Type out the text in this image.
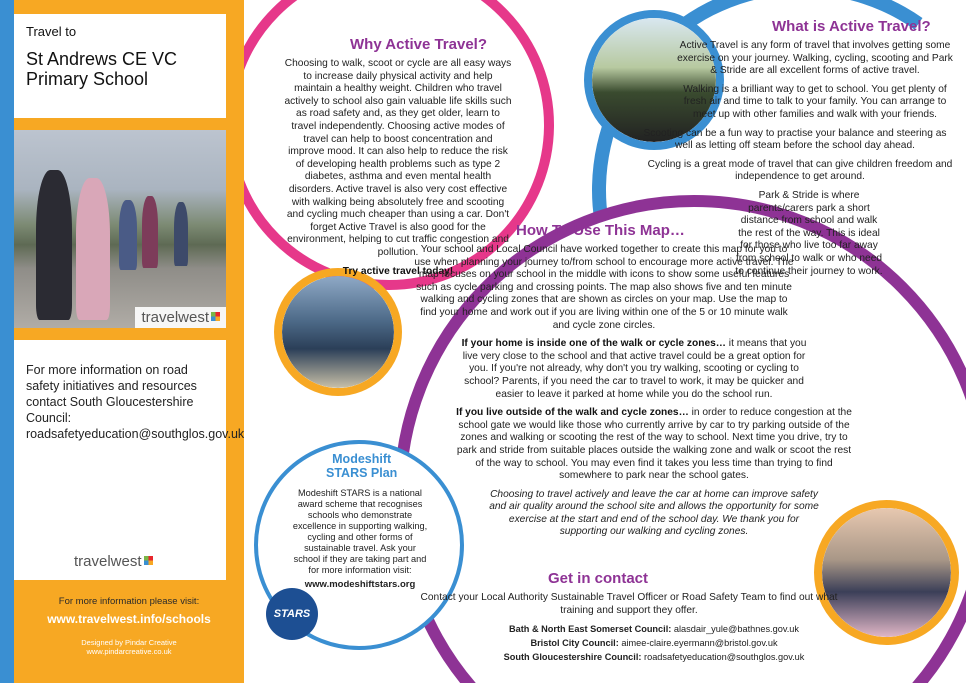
Travel to
St Andrews CE VC Primary School
travelwest

For more information on road safety initiatives and resources contact South Gloucestershire Council: roadsafetyeducation@southglos.gov.uk

travelwest
For more information please visit:
www.travelwest.info/schools
Designed by Pindar Creative
www.pindarcreative.co.uk
Why Active Travel?

Choosing to walk, scoot or cycle are all easy ways to increase daily physical activity and help maintain a healthy weight. Children who travel actively to school also gain valuable life skills such as road safety and, as they get older, learn to travel independently. Choosing active modes of travel can help to boost concentration and improve mood. It can also help to reduce the risk of developing health problems such as type 2 diabetes, asthma and even mental health disorders. Active travel is also very cost effective with walking being absolutely free and scooting and cycling much cheaper than using a car. Don't forget Active Travel is also good for the environment, helping to cut traffic congestion and pollution.

Try active travel today!

What is Active Travel?

Active Travel is any form of travel that involves getting some exercise on your journey. Walking, cycling, scooting and Park & Stride are all excellent forms of active travel.

Walking is a brilliant way to get to school. You get plenty of fresh air and time to talk to your family. You can arrange to meet up with other families and walk with your friends.

Scooting can be a fun way to practise your balance and steering as well as letting off steam before the school day ahead.

Cycling is a great mode of travel that can give children freedom and independence to get around.

Park & Stride is where parents/carers park a short distance from school and walk the rest of the way. This is ideal for those who live too far away from school to walk or who need to continue their journey to work.

How To Use This Map…

Your school and Local Council have worked together to create this map for you to use when planning your journey to/from school to encourage more active travel. The map focuses on your school in the middle with icons to show some useful features such as cycle parking and crossing points. The map also shows five and ten minute walking and cycling zones that are shown as circles on your map. Use the map to find your home and work out if you are living within one of the 5 or 10 minute walk and cycle zone circles.

If your home is inside one of the walk or cycle zones… it means that you live very close to the school and that active travel could be a great option for you. If you're not already, why don't you try walking, scooting or cycling to school? Parents, if you need the car to travel to work, it may be quicker and easier to leave it parked at home while you do the school run.

If you live outside of the walk and cycle zones… in order to reduce congestion at the school gate we would like those who currently arrive by car to try parking outside of the zones and walking or scooting the rest of the way to school. Next time you drive, try to park and stride from suitable places outside the walking zone and walk or scoot the rest of the way to school. You may even find it takes you less time than trying to find somewhere to park near the school gates.

Choosing to travel actively and leave the car at home can improve safety and air quality around the school site and allows the opportunity for some exercise at the start and end of the school day. We thank you for supporting our walking and cycling zones.

Modeshift
STARS Plan
Modeshift STARS is a national award scheme that recognises schools who demonstrate excellence in supporting walking, cycling and other forms of sustainable travel. Ask your school if they are taking part and for more information visit:
www.modeshiftstars.org
STARS
Get in contact
Contact your Local Authority Sustainable Travel Officer or Road Safety Team to find out what training and support they offer.
Bath & North East Somerset Council: alasdair_yule@bathnes.gov.uk
Bristol City Council: aimee-claire.eyermann@bristol.gov.uk
South Gloucestershire Council: roadsafetyeducation@southglos.gov.uk
